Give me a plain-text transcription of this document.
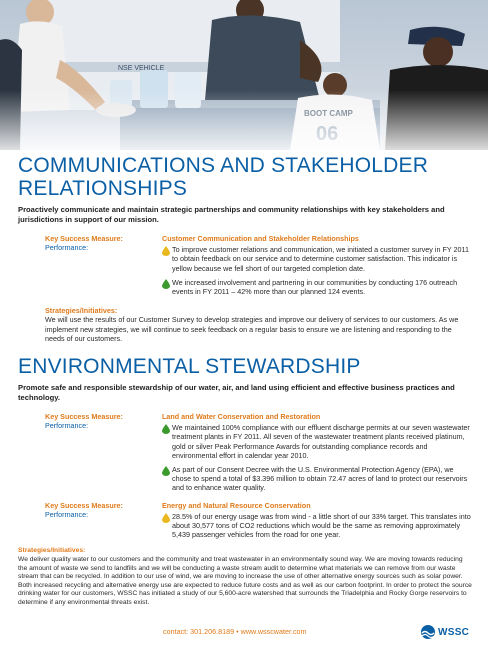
COMMUNICATIONS AND STAKEHOLDER RELATIONSHIPS

Proactively communicate and maintain strategic partnerships and community relationships with key stakeholders and jurisdictions in support of our mission.

Key Success Measure:
Performance:
Customer Communication and Stakeholder Relationships
To improve customer relations and communication, we initiated a customer survey in FY 2011 to obtain feedback on our service and to determine customer satisfaction. This indicator is yellow because we fell short of our targeted completion date.
We increased involvement and partnering in our communities by conducting 176 outreach events in FY 2011 – 42% more than our planned 124 events.
Strategies/Initiatives:
We will use the results of our Customer Survey to develop strategies and improve our delivery of services to our customers. As we implement new strategies, we will continue to seek feedback on a regular basis to ensure we are listening and responding to the needs of our customers.
ENVIRONMENTAL STEWARDSHIP

Promote safe and responsible stewardship of our water, air, and land using efficient and effective business practices and technology.

Key Success Measure:
Performance:
Land and Water Conservation and Restoration
We maintained 100% compliance with our effluent discharge permits at our seven wastewater treatment plants in FY 2011. All seven of the wastewater treatment plants received platinum, gold or silver Peak Performance Awards for outstanding compliance records and environmental effort in calendar year 2010.
As part of our Consent Decree with the U.S. Environmental Protection Agency (EPA), we chose to spend a total of $3.396 million to obtain 72.47 acres of land to protect our reservoirs and to enhance water quality.
Key Success Measure:
Performance:
Energy and Natural Resource Conservation
28.5% of our energy usage was from wind - a little short of our 33% target. This translates into about 30,577 tons of CO2 reductions which would be the same as removing approximately 5,439 passenger vehicles from the road for one year.
Strategies/Initiatives:
We deliver quality water to our customers and the community and treat wastewater in an environmentally sound way. We are moving towards reducing the amount of waste we send to landfills and we will be conducting a waste stream audit to determine what materials we can remove from our waste stream that can be recycled. In addition to our use of wind, we are moving to increase the use of other alternative energy sources such as solar power. Both increased recycling and alternative energy use are expected to reduce future costs and as well as our carbon footprint. In order to protect the source drinking water for our customers, WSSC has initiated a study of our 5,600-acre watershed that surrounds the Triadelphia and Rocky Gorge reservoirs to determine if any environmental threats exist.
contact: 301.206.8189 • www.wsscwater.com	WSSC
